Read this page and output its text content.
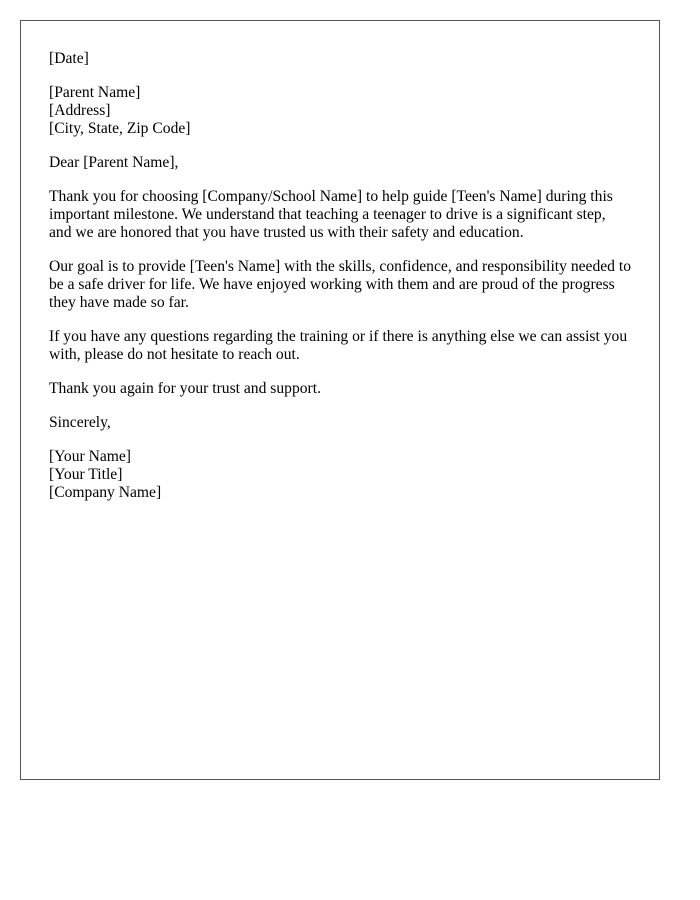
[Date]

[Parent Name]

[Address]

[City, State, Zip Code]

Dear [Parent Name],

Thank you for choosing [Company/School Name] to help guide [Teen's Name] during this important milestone. We understand that teaching a teenager to drive is a significant step, and we are honored that you have trusted us with their safety and education.

Our goal is to provide [Teen's Name] with the skills, confidence, and responsibility needed to be a safe driver for life. We have enjoyed working with them and are proud of the progress they have made so far.

If you have any questions regarding the training or if there is anything else we can assist you with, please do not hesitate to reach out.

Thank you again for your trust and support.

Sincerely,

[Your Name]

[Your Title]

[Company Name]
